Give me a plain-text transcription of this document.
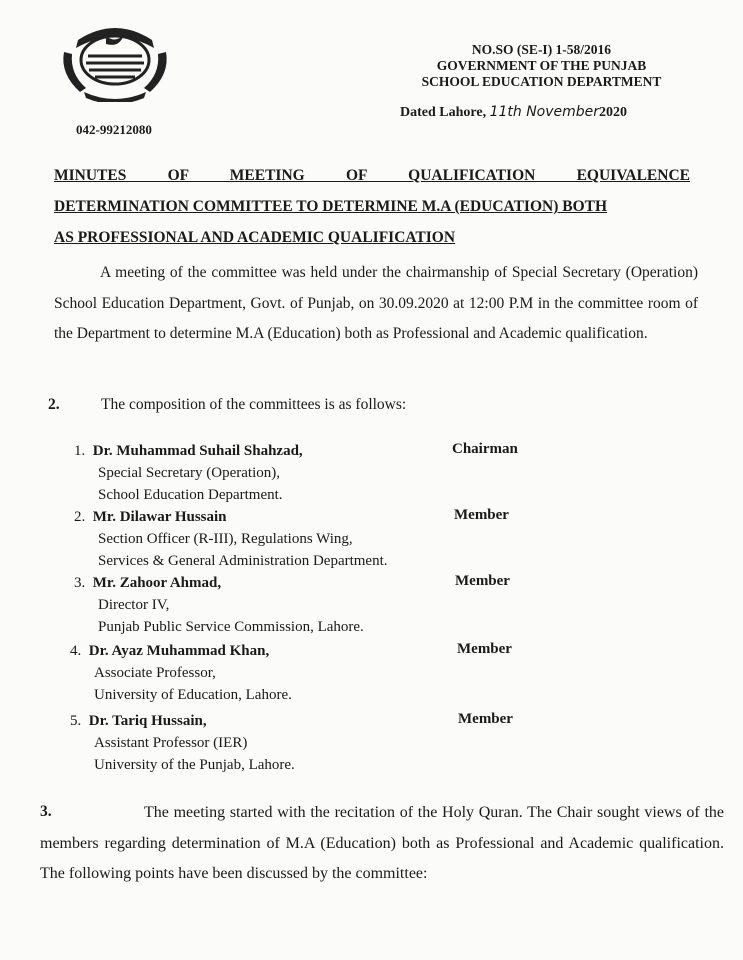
042-99212080
NO.SO (SE-I) 1-58/2016
GOVERNMENT OF THE PUNJAB
SCHOOL EDUCATION DEPARTMENT
Dated Lahore, 11th November2020
MINUTES OF MEETING OF QUALIFICATION EQUIVALENCE
DETERMINATION COMMITTEE TO DETERMINE M.A (EDUCATION) BOTH
AS PROFESSIONAL AND ACADEMIC QUALIFICATION
A meeting of the committee was held under the chairmanship of Special Secretary (Operation) School Education Department, Govt. of Punjab, on 30.09.2020 at 12:00 P.M in the committee room of the Department to determine M.A (Education) both as Professional and Academic qualification.
2.	The composition of the committees is as follows:
1. Dr. Muhammad Suhail Shahzad,
Special Secretary (Operation),
School Education Department.
Chairman
2. Mr. Dilawar Hussain
Section Officer (R-III), Regulations Wing,
Services & General Administration Department.
Member
3. Mr. Zahoor Ahmad,
Director IV,
Punjab Public Service Commission, Lahore.
Member
4. Dr. Ayaz Muhammad Khan,
Associate Professor,
University of Education, Lahore.
Member
5. Dr. Tariq Hussain,
Assistant Professor (IER)
University of the Punjab, Lahore.
Member
3.	The meeting started with the recitation of the Holy Quran. The Chair sought views of the members regarding determination of M.A (Education) both as Professional and Academic qualification. The following points have been discussed by the committee:
